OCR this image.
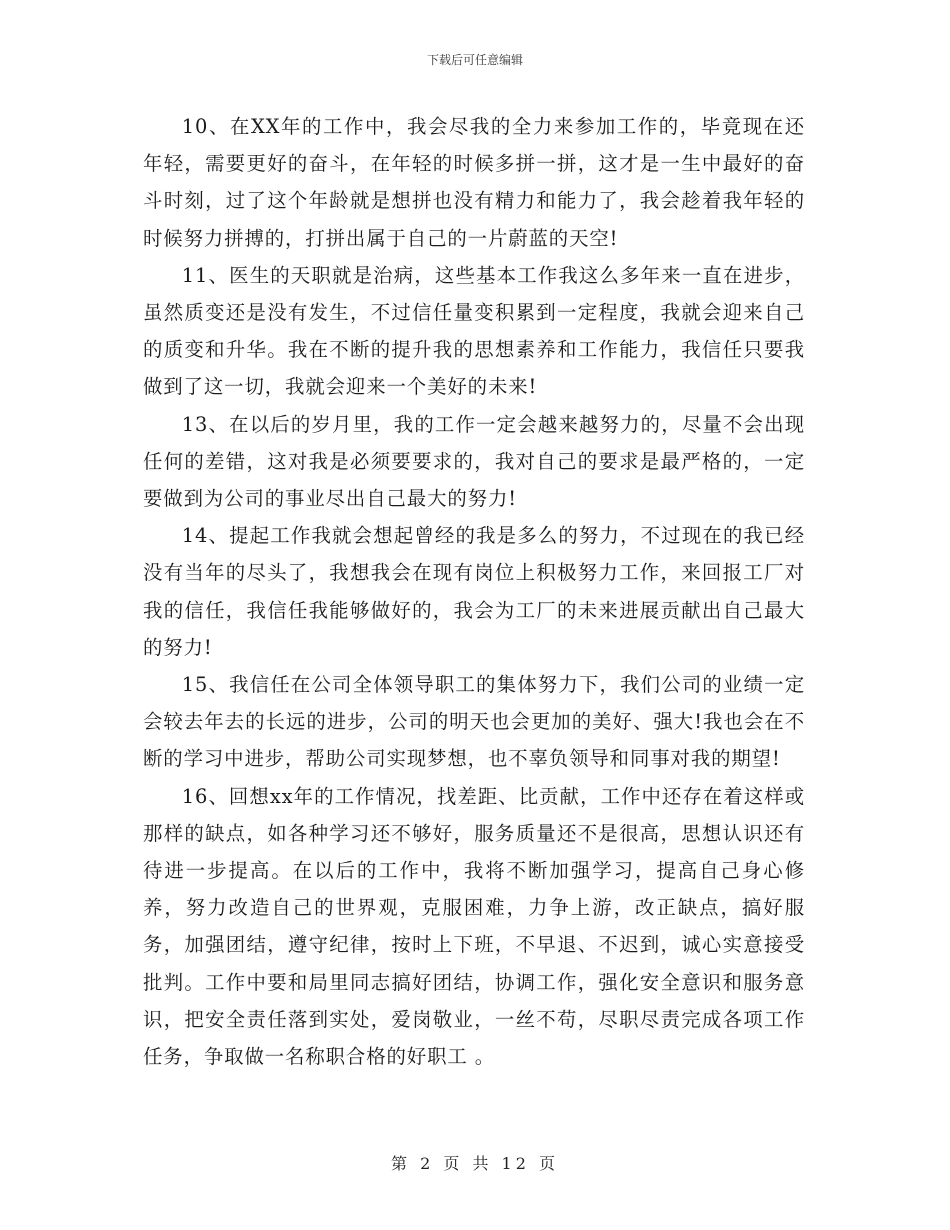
下载后可任意编辑

10、在XX年的工作中，我会尽我的全力来参加工作的，毕竟现在还年轻，需要更好的奋斗，在年轻的时候多拼一拼，这才是一生中最好的奋斗时刻，过了这个年龄就是想拼也没有精力和能力了，我会趁着我年轻的时候努力拼搏的，打拼出属于自己的一片蔚蓝的天空!

11、医生的天职就是治病，这些基本工作我这么多年来一直在进步，虽然质变还是没有发生，不过信任量变积累到一定程度，我就会迎来自己的质变和升华。我在不断的提升我的思想素养和工作能力，我信任只要我做到了这一切，我就会迎来一个美好的未来!

13、在以后的岁月里，我的工作一定会越来越努力的，尽量不会出现任何的差错，这对我是必须要要求的，我对自己的要求是最严格的，一定要做到为公司的事业尽出自己最大的努力!

14、提起工作我就会想起曾经的我是多么的努力，不过现在的我已经没有当年的尽头了，我想我会在现有岗位上积极努力工作，来回报工厂对我的信任，我信任我能够做好的，我会为工厂的未来进展贡献出自己最大的努力!

15、我信任在公司全体领导职工的集体努力下，我们公司的业绩一定会较去年去的长远的进步，公司的明天也会更加的美好、强大!我也会在不断的学习中进步，帮助公司实现梦想，也不辜负领导和同事对我的期望!

16、回想xx年的工作情况，找差距、比贡献，工作中还存在着这样或那样的缺点，如各种学习还不够好，服务质量还不是很高，思想认识还有待进一步提高。在以后的工作中，我将不断加强学习，提高自己身心修养，努力改造自己的世界观，克服困难，力争上游，改正缺点，搞好服务，加强团结，遵守纪律，按时上下班，不早退、不迟到，诚心实意接受批判。工作中要和局里同志搞好团结，协调工作，强化安全意识和服务意识，把安全责任落到实处，爱岗敬业，一丝不苟，尽职尽责完成各项工作任务，争取做一名称职合格的好职工 。

第 2 页 共 12 页
